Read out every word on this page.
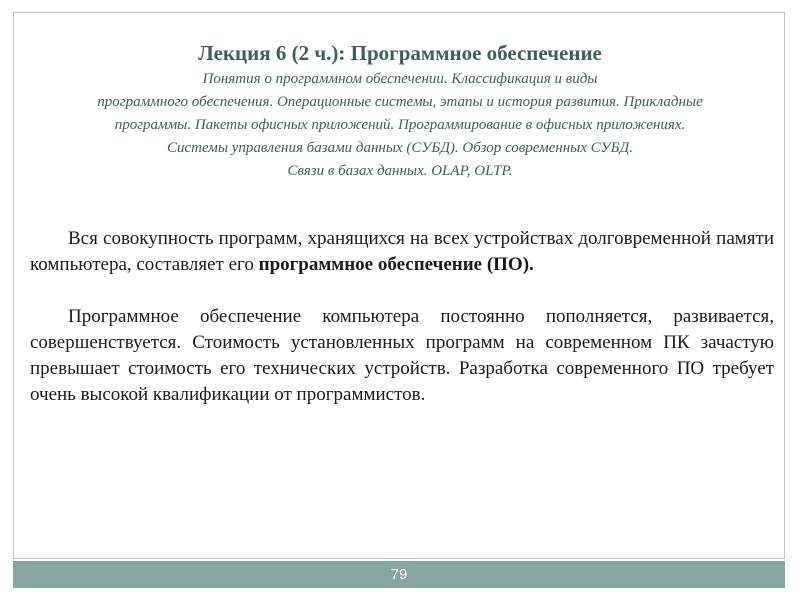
Лекция 6 (2 ч.): Программное обеспечение
Понятия о программном обеспечении. Классификация и виды
программного обеспечения. Операционные системы, этапы и история развития. Прикладные
программы. Пакеты офисных приложений. Программирование в офисных приложениях.
Системы управления базами данных (СУБД). Обзор современных СУБД.
Связи в базах данных. OLAP, OLTP.

Вся совокупность программ, хранящихся на всех устройствах долговременной памяти компьютера, составляет его программное обеспечение (ПО).

Программное обеспечение компьютера постоянно пополняется, развивается, совершенствуется. Стоимость установленных программ на современном ПК зачастую превышает стоимость его технических устройств. Разработка современного ПО требует очень высокой квалификации от программистов.

79
